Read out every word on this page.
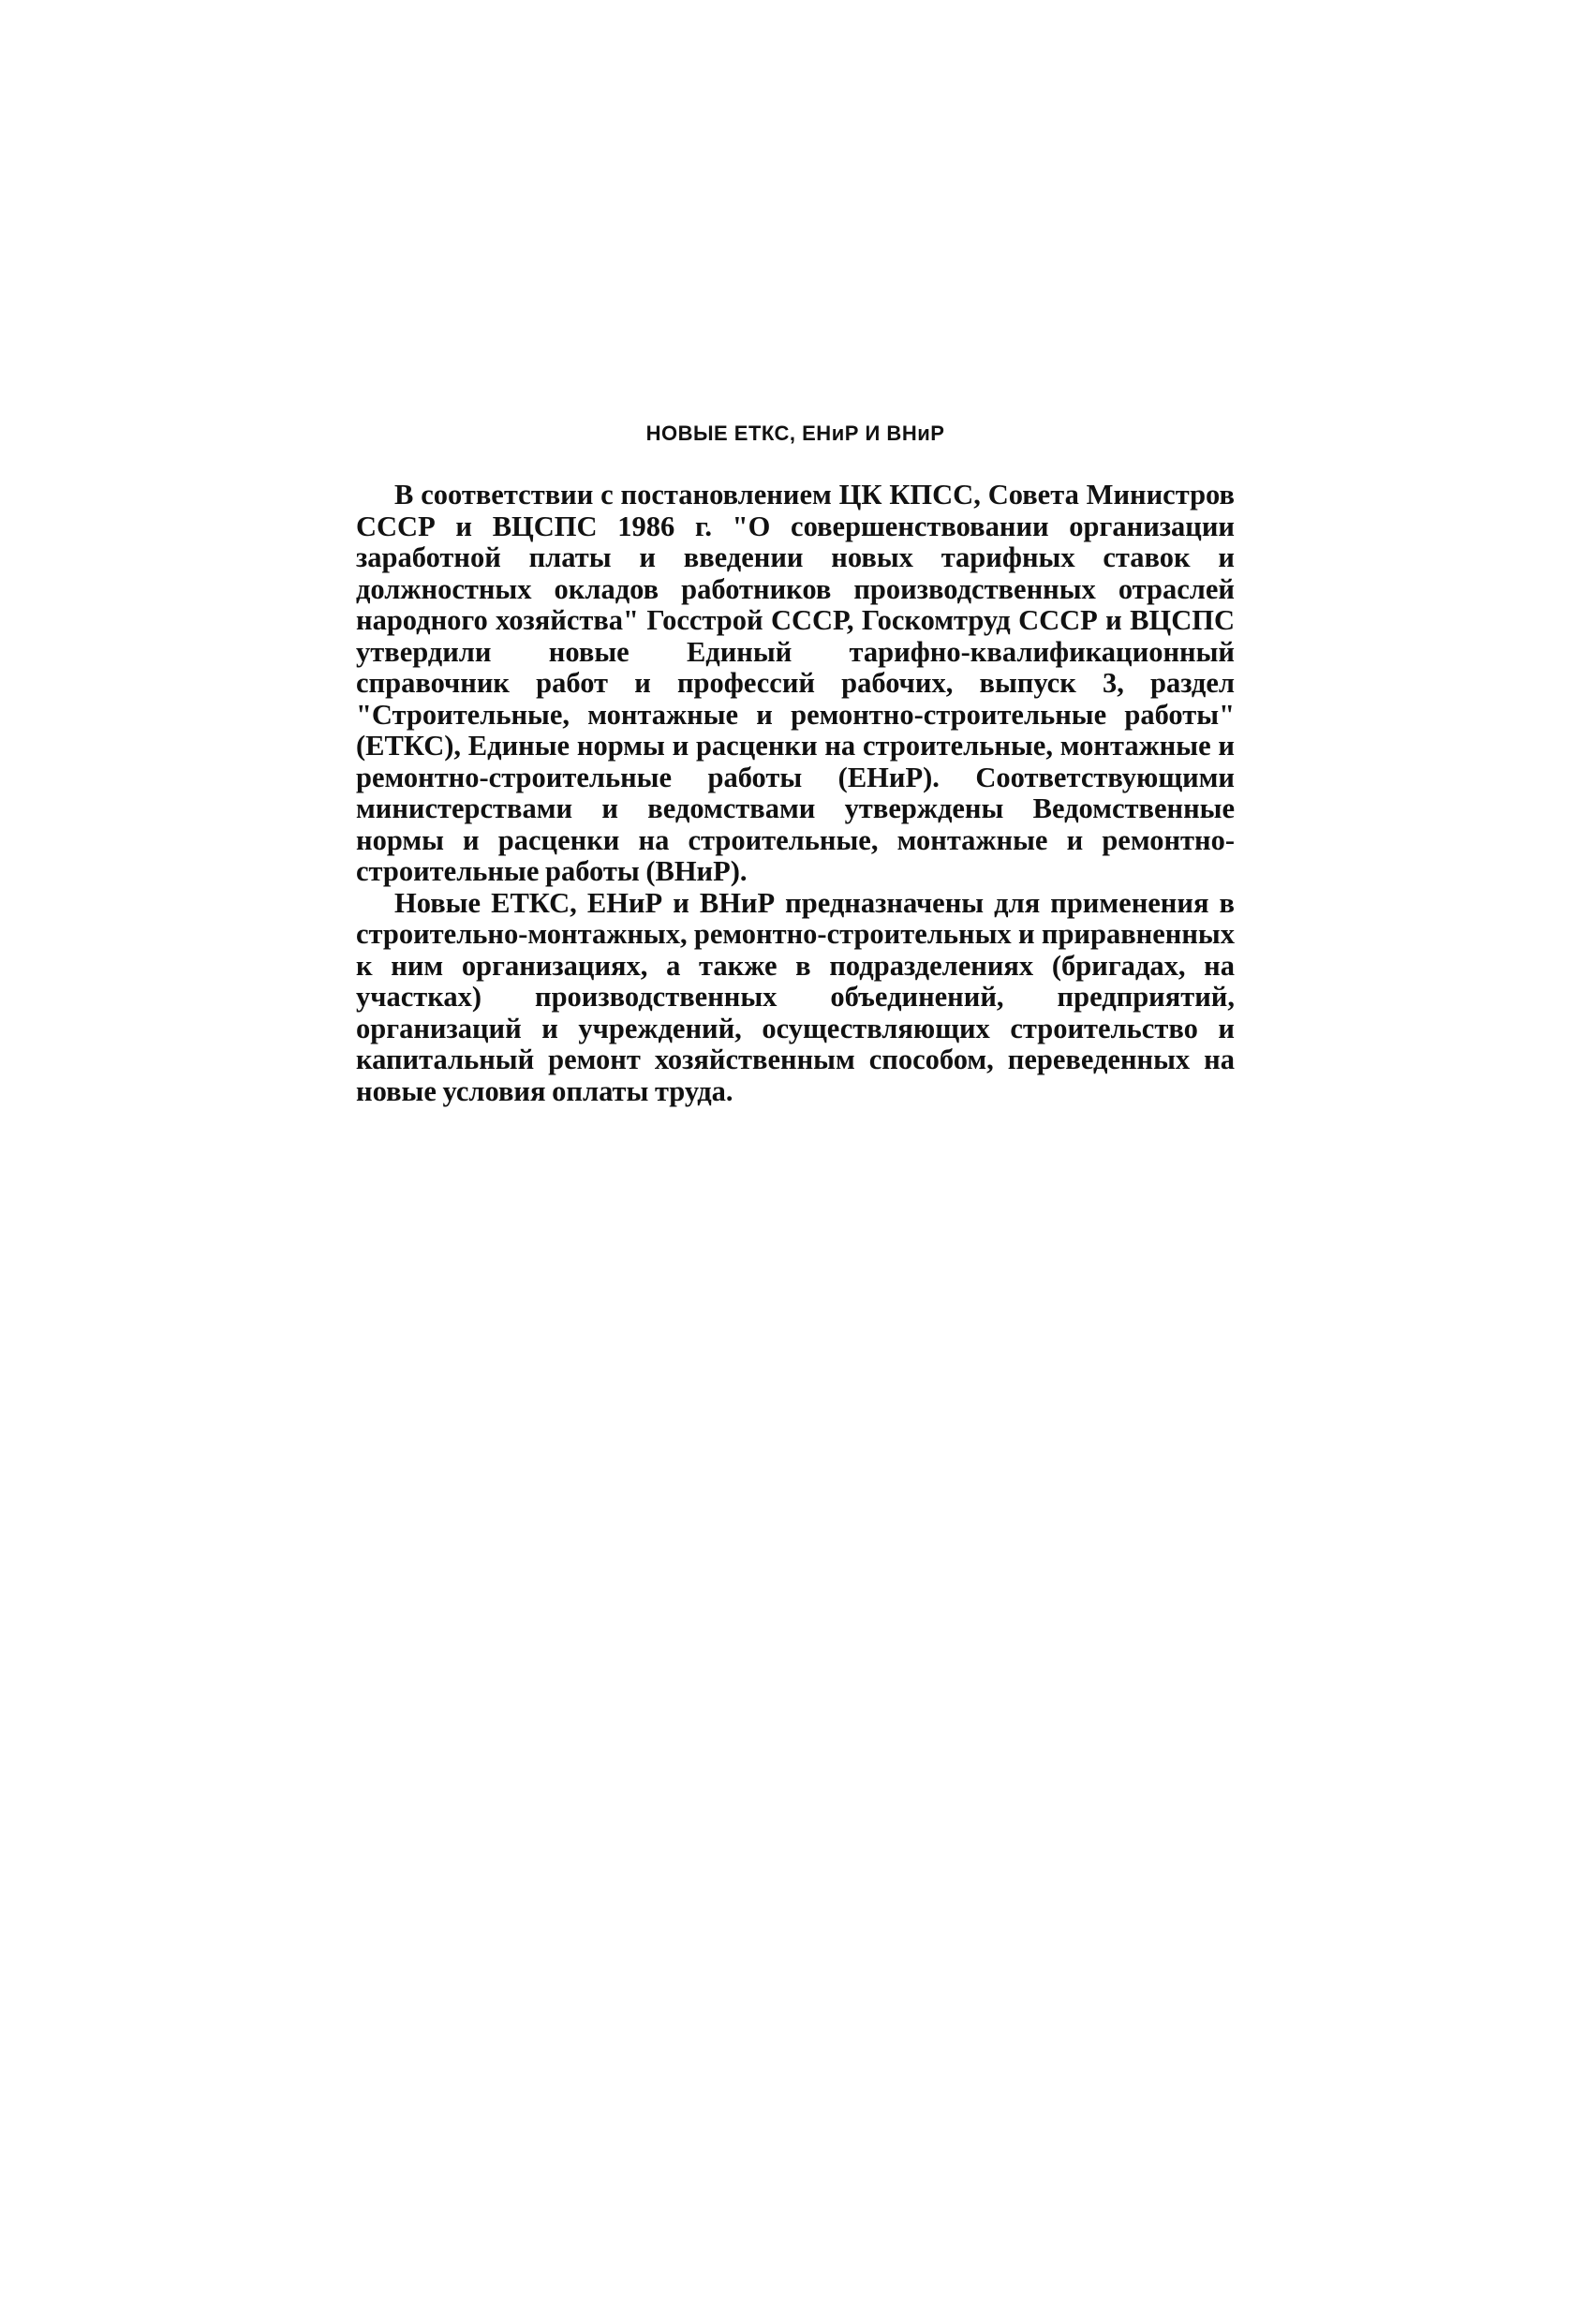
НОВЫЕ ЕТКС, ЕНиР И ВНиР

В соответствии с постановлением ЦК КПСС, Совета Министров СССР и ВЦСПС 1986 г. "О совершенствовании организации заработной платы и введении новых тарифных ставок и должностных окладов работников производственных отраслей народного хозяйства" Госстрой СССР, Госкомтруд СССР и ВЦСПС утвердили новые Единый тарифно-квалификационный справочник работ и профессий рабочих, выпуск 3, раздел "Строительные, монтажные и ремонтно-строительные работы" (ЕТКС), Единые нормы и расценки на строительные, монтажные и ремонтно-строительные работы (ЕНиР). Соответствующими министерствами и ведомствами утверждены Ведомственные нормы и расценки на строительные, монтажные и ремонтно-строительные работы (ВНиР).

Новые ЕТКС, ЕНиР и ВНиР предназначены для применения в строительно-монтажных, ремонтно-строительных и приравненных к ним организациях, а также в подразделениях (бригадах, на участках) производственных объединений, предприятий, организаций и учреждений, осуществляющих строительство и капитальный ремонт хозяйственным способом, переведенных на новые условия оплаты труда.
